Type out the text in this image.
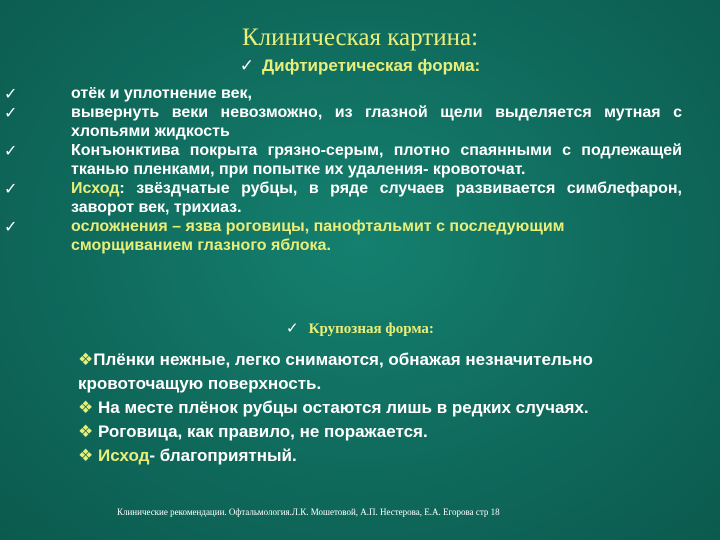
Клиническая картина:
✓ Дифтиретическая форма:
✓	отёк и уплотнение век,
✓	вывернуть веки невозможно, из глазной щели выделяется мутная с хлопьями жидкость
✓	Конъюнктива покрыта грязно-серым, плотно спаянными с подлежащей тканью пленками, при попытке их удаления- кровоточат.
✓	Исход: звёздчатые рубцы, в ряде случаев развивается симблефарон, заворот век, трихиаз.
✓	осложнения – язва роговицы, панофтальмит с последующим сморщиванием глазного яблока.
✓ Крупозная форма:
❖Плёнки нежные, легко снимаются, обнажая незначительно кровоточащую поверхность.
❖ На месте плёнок рубцы остаются лишь в редких случаях.
❖ Роговица, как правило, не поражается.
❖ Исход- благоприятный.
Клинические рекомендации. Офтальмология.Л.К. Мошетовой, А.П. Нестерова, Е.А. Егорова стр 18
